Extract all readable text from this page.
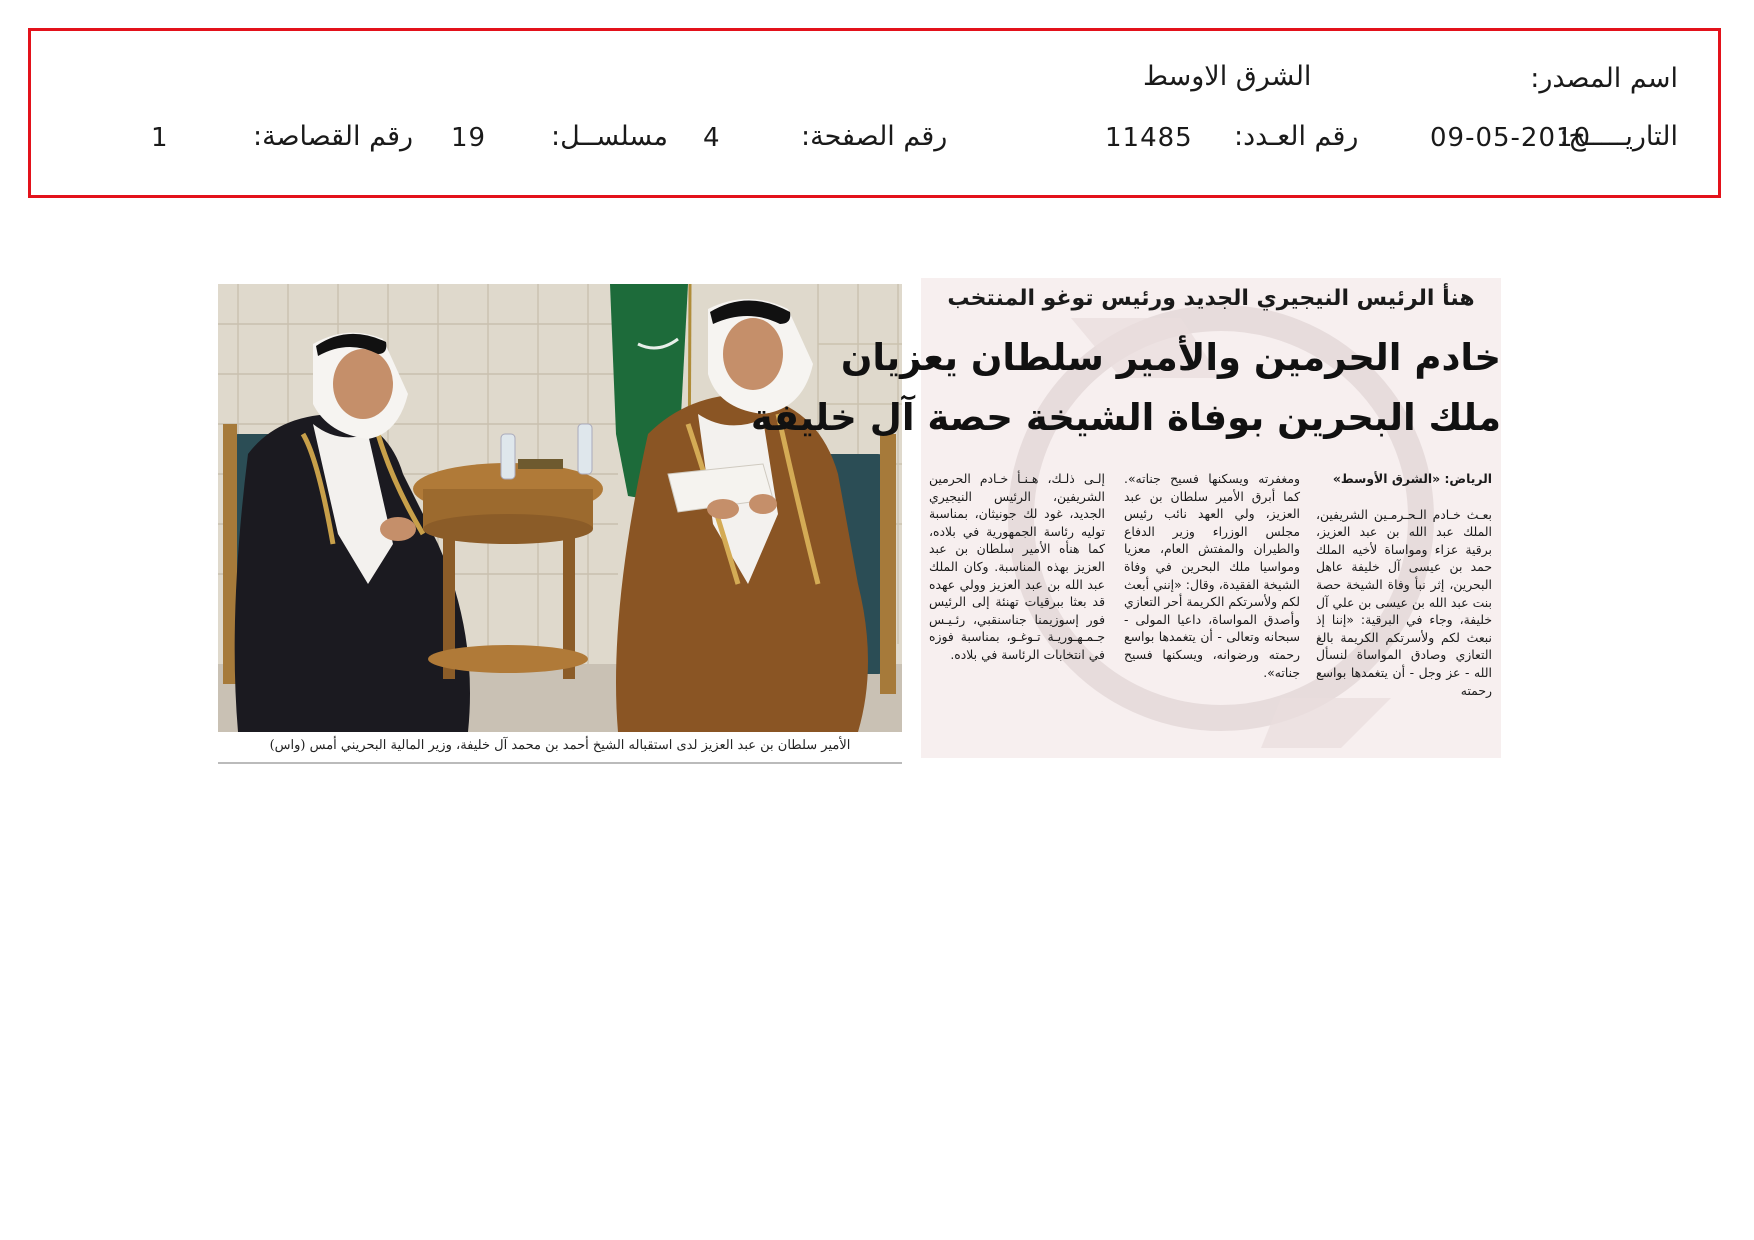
اسم المصدر:
الشرق الاوسط
التاريـــــخ:
09-05-2010
رقم العـدد:
11485
رقم الصفحة:
4
مسلســل:
19
رقم القصاصة:
1
الأمير سلطان بن عبد العزيز لدى استقباله الشيخ أحمد بن محمد آل خليفة، وزير المالية البحريني أمس (واس)
هنأ الرئيس النيجيري الجديد ورئيس توغو المنتخب
خادم الحرمين والأمير سلطان يعزيان
ملك البحرين بوفاة الشيخة حصة آل خليفة
الرياض: «الشرق الأوسط»
بعـث خـادم الـحـرمـين الشريفين، الملك عبد الله بن عبد العزيز، برقية عزاء ومواساة لأخيه الملك حمد بن عيسى آل خليفة عاهل البحرين، إثر نبأ وفاة الشيخة حصة بنت عبد الله بن عيسى بن علي آل خليفة، وجاء في البرقية: «إننا إذ نبعث لكم ولأسرتكم الكريمة بالغ التعازي وصادق المواساة لنسأل الله - عز وجل - أن يتغمدها بواسع رحمته
ومغفرته ويسكنها فسيح جناته». كما أبرق الأمير سلطان بن عبد العزيز، ولي العهد نائب رئيس مجلس الوزراء وزير الدفاع والطيران والمفتش العام، معزيا ومواسيا ملك البحرين في وفاة الشيخة الفقيدة، وقال: «إنني أبعث لكم ولأسرتكم الكريمة أحر التعازي وأصدق المواساة، داعيا المولى - سبحانه وتعالى - أن يتغمدها بواسع رحمته ورضوانه، ويسكنها فسيح جناته».
إلـى ذلـك، هـنـأ خـادم الحرمين الشريفين، الرئيس النيجيري الجديد، غود لك جونيثان، بمناسبة توليه رئاسة الجمهورية في بلاده، كما هنأه الأمير سلطان بن عبد العزيز بهذه المناسبة. وكان الملك عبد الله بن عبد العزيز وولي عهده قد بعثا ببرقيات تهنئة إلى الرئيس فور إسوزيمنا جناسنقبي، رئـيـس جـمـهـوريـة تـوغـو، بمناسبة فوزه في انتخابات الرئاسة في بلاده.
